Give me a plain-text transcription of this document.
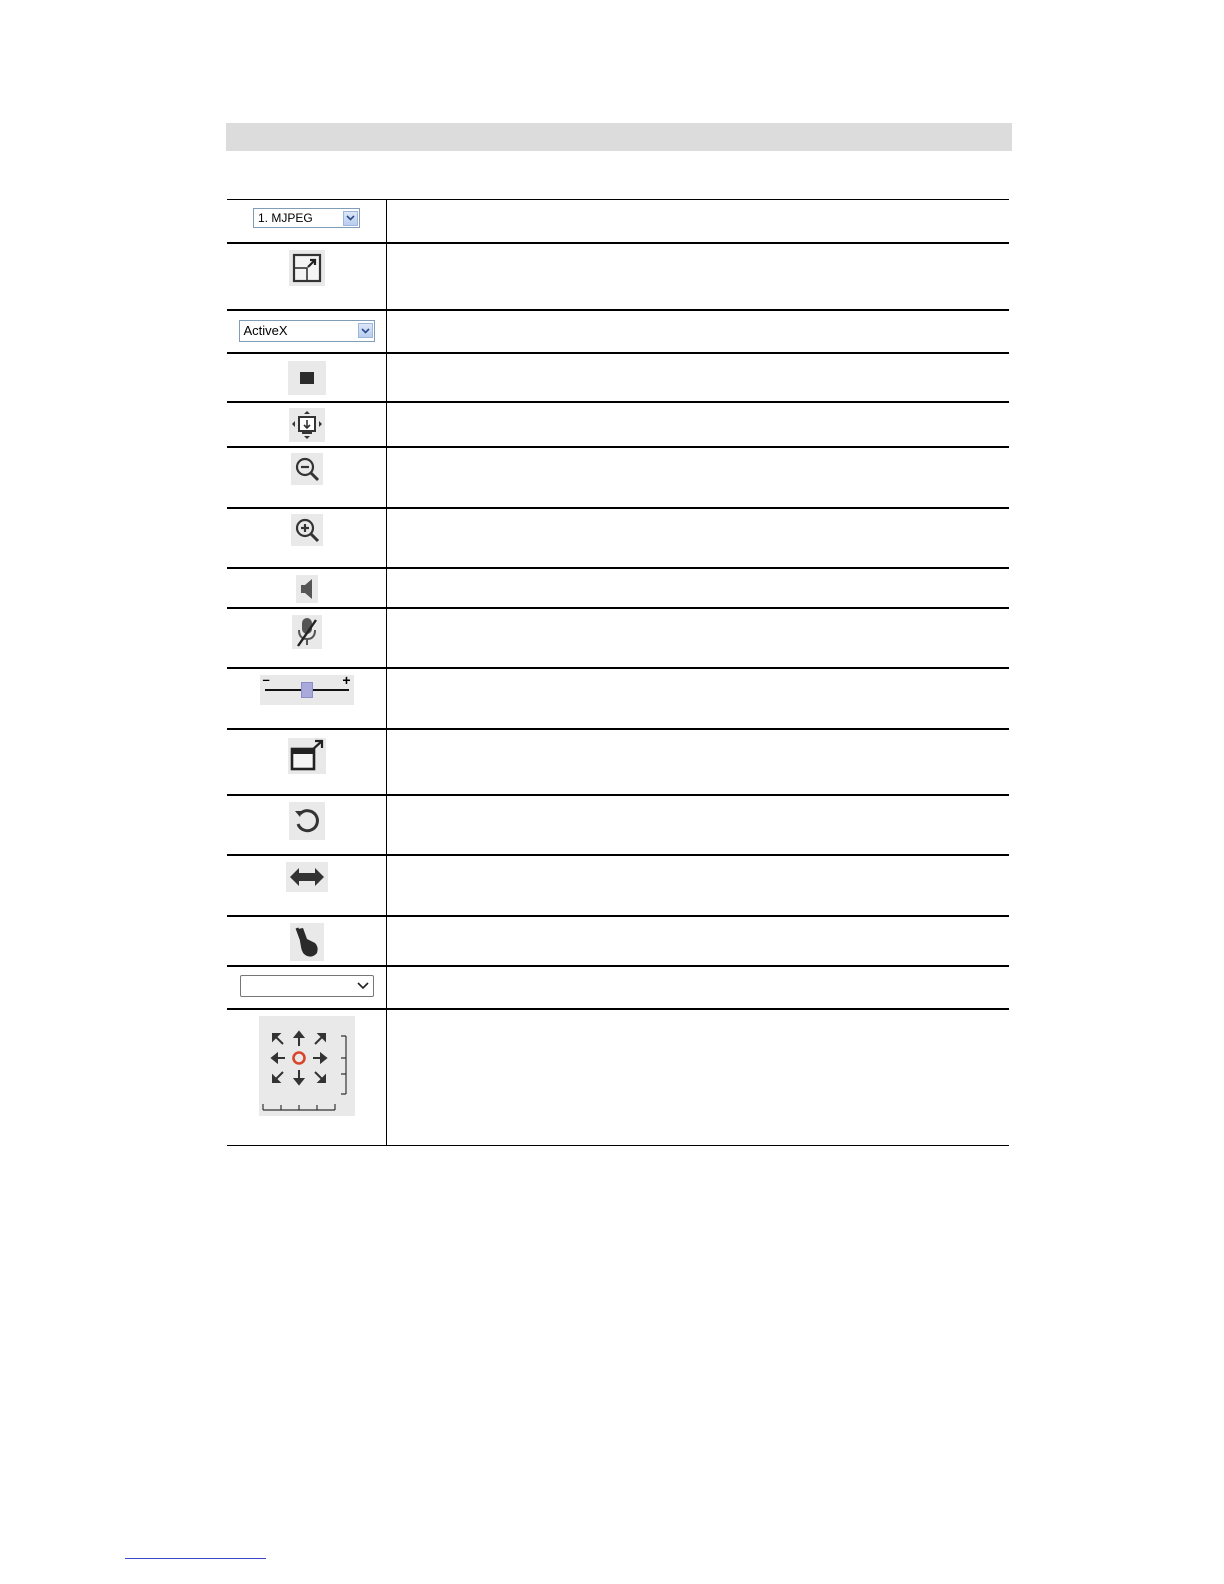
1. MJPEG	

ActiveX	

– +	
